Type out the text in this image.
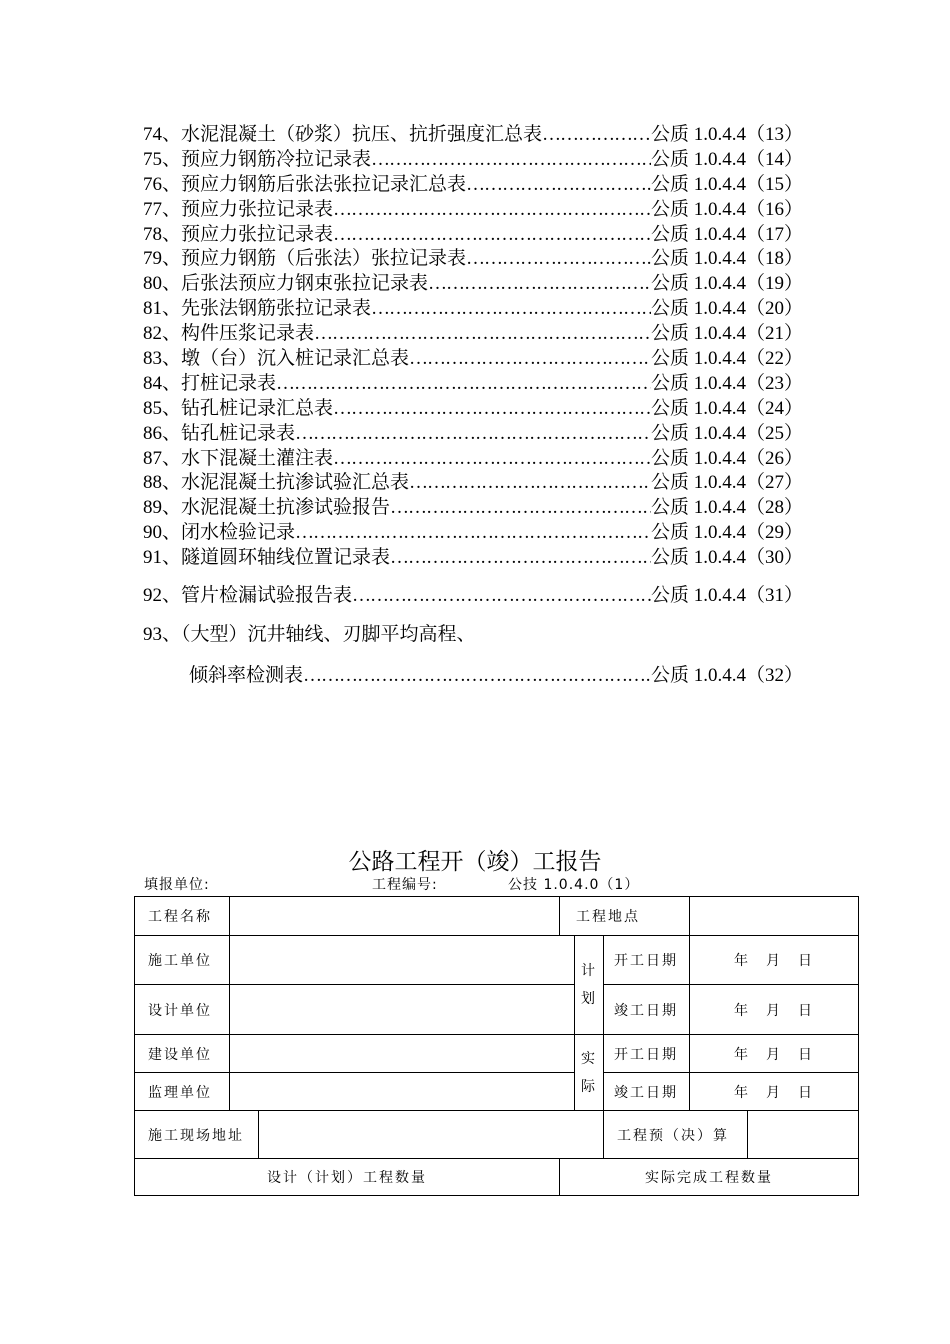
74、水泥混凝土（砂浆）抗压、抗折强度汇总表 ……………………………………………………………………………………………………………	公质 1.0.4.4（13）
75、预应力钢筋冷拉记录表 ……………………………………………………………………………………………………………	公质 1.0.4.4（14）
76、预应力钢筋后张法张拉记录汇总表 ……………………………………………………………………………………………………………	公质 1.0.4.4（15）
77、预应力张拉记录表 ……………………………………………………………………………………………………………	公质 1.0.4.4（16）
78、预应力张拉记录表 ……………………………………………………………………………………………………………	公质 1.0.4.4（17）
79、预应力钢筋（后张法）张拉记录表 ……………………………………………………………………………………………………………	公质 1.0.4.4（18）
80、后张法预应力钢束张拉记录表 ……………………………………………………………………………………………………………	公质 1.0.4.4（19）
81、先张法钢筋张拉记录表 ……………………………………………………………………………………………………………	公质 1.0.4.4（20）
82、构件压浆记录表 ……………………………………………………………………………………………………………	公质 1.0.4.4（21）
83、墩（台）沉入桩记录汇总表 ……………………………………………………………………………………………………………	公质 1.0.4.4（22）
84、打桩记录表 ……………………………………………………………………………………………………………	公质 1.0.4.4（23）
85、钻孔桩记录汇总表 ……………………………………………………………………………………………………………	公质 1.0.4.4（24）
86、钻孔桩记录表 ……………………………………………………………………………………………………………	公质 1.0.4.4（25）
87、水下混凝土灌注表 ……………………………………………………………………………………………………………	公质 1.0.4.4（26）
88、水泥混凝土抗渗试验汇总表 ……………………………………………………………………………………………………………	公质 1.0.4.4（27）
89、水泥混凝土抗渗试验报告 ……………………………………………………………………………………………………………	公质 1.0.4.4（28）
90、闭水检验记录 ……………………………………………………………………………………………………………	公质 1.0.4.4（29）
91、隧道圆环轴线位置记录表 ……………………………………………………………………………………………………………	公质 1.0.4.4（30）
92、管片检漏试验报告表 ……………………………………………………………………………………………………………	公质 1.0.4.4（31）
93、（大型）沉井轴线、刃脚平均高程、
倾斜率检测表 ……………………………………………………………………………………………………………	公质 1.0.4.4（32）
公路工程开（竣）工报告
填报单位:	工程编号:	公技 1.0.4.0（1）
工程名称			工程地点				
施工单位				计划	开工日期	年　月　日	
设计单位					竣工日期	年　月　日	
建设单位				实际	开工日期	年　月　日	
监理单位					竣工日期	年　月　日	
施工现场地址					工程预（决）算		
设计（计划）工程数量			实际完成工程数量				
